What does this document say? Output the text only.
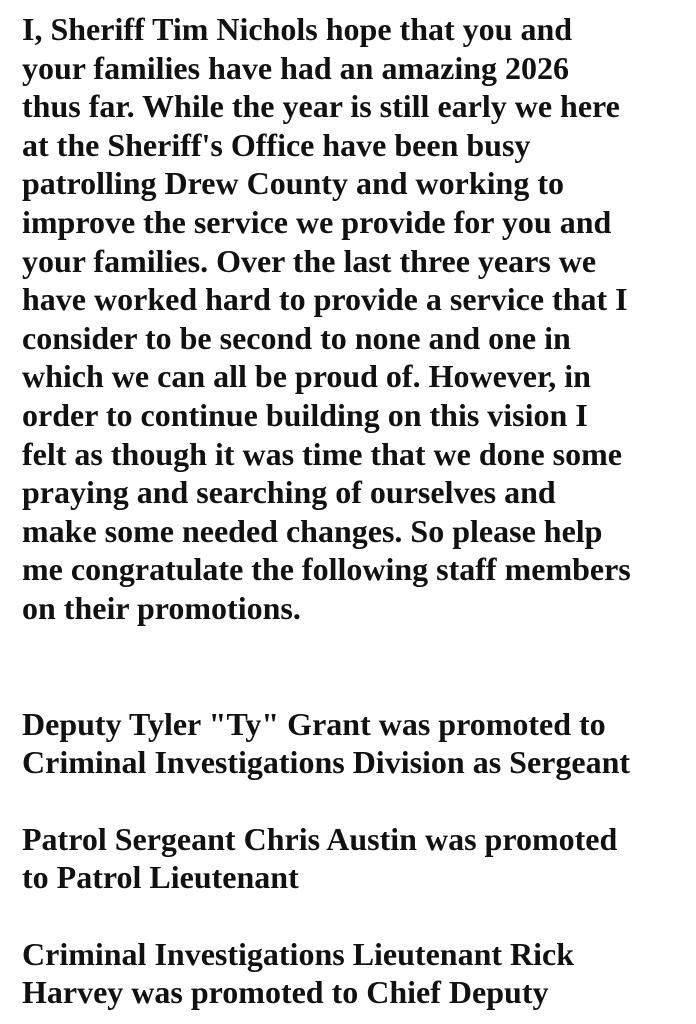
I, Sheriff Tim Nichols hope that you and
your families have had an amazing 2026
thus far. While the year is still early we here
at the Sheriff's Office have been busy
patrolling Drew County and working to
improve the service we provide for you and
your families. Over the last three years we
have worked hard to provide a service that I
consider to be second to none and one in
which we can all be proud of. However, in
order to continue building on this vision I
felt as though it was time that we done some
praying and searching of ourselves and
make some needed changes. So please help
me congratulate the following staff members
on their promotions.

Deputy Tyler "Ty" Grant was promoted to
Criminal Investigations Division as Sergeant

Patrol Sergeant Chris Austin was promoted
to Patrol Lieutenant

Criminal Investigations Lieutenant Rick
Harvey was promoted to Chief Deputy
